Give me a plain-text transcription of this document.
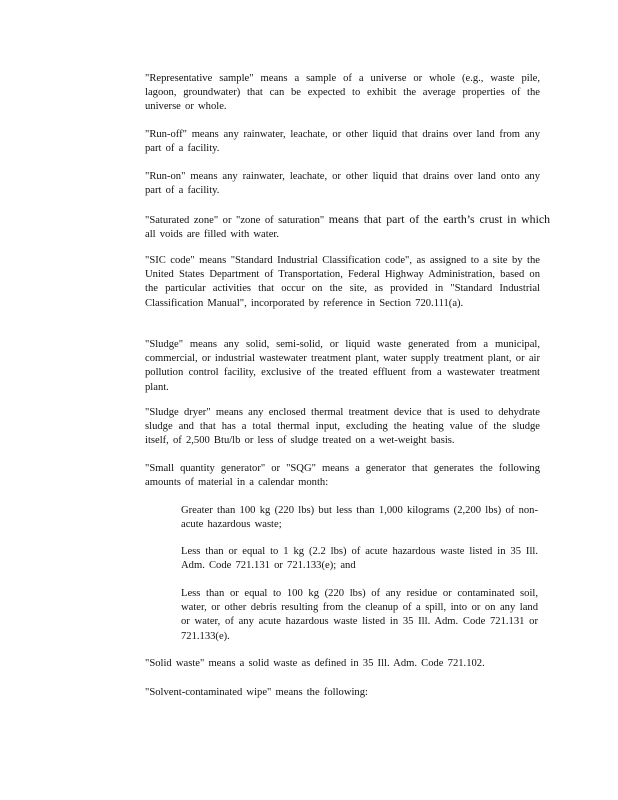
"Representative sample" means a sample of a universe or whole (e.g., waste pile, lagoon, groundwater) that can be expected to exhibit the average properties of the universe or whole.

"Run-off" means any rainwater, leachate, or other liquid that drains over land from any part of a facility.

"Run-on" means any rainwater, leachate, or other liquid that drains over land onto any part of a facility.

"Saturated zone" or "zone of saturation" means that part of the earth’s crust in which all voids are filled with water.

"SIC code" means "Standard Industrial Classification code", as assigned to a site by the United States Department of Transportation, Federal Highway Administration, based on the particular activities that occur on the site, as provided in "Standard Industrial Classification Manual", incorporated by reference in Section 720.111(a).

"Sludge" means any solid, semi-solid, or liquid waste generated from a municipal, commercial, or industrial wastewater treatment plant, water supply treatment plant, or air pollution control facility, exclusive of the treated effluent from a wastewater treatment plant.

"Sludge dryer" means any enclosed thermal treatment device that is used to dehydrate sludge and that has a total thermal input, excluding the heating value of the sludge itself, of 2,500 Btu/lb or less of sludge treated on a wet-weight basis.

"Small quantity generator" or "SQG" means a generator that generates the following amounts of material in a calendar month:

Greater than 100 kg (220 lbs) but less than 1,000 kilograms (2,200 lbs) of non-acute hazardous waste;

Less than or equal to 1 kg (2.2 lbs) of acute hazardous waste listed in 35 Ill. Adm. Code 721.131 or 721.133(e); and

Less than or equal to 100 kg (220 lbs) of any residue or contaminated soil, water, or other debris resulting from the cleanup of a spill, into or on any land or water, of any acute hazardous waste listed in 35 Ill. Adm. Code 721.131 or 721.133(e).

"Solid waste" means a solid waste as defined in 35 Ill. Adm. Code 721.102.

"Solvent-contaminated wipe" means the following:
